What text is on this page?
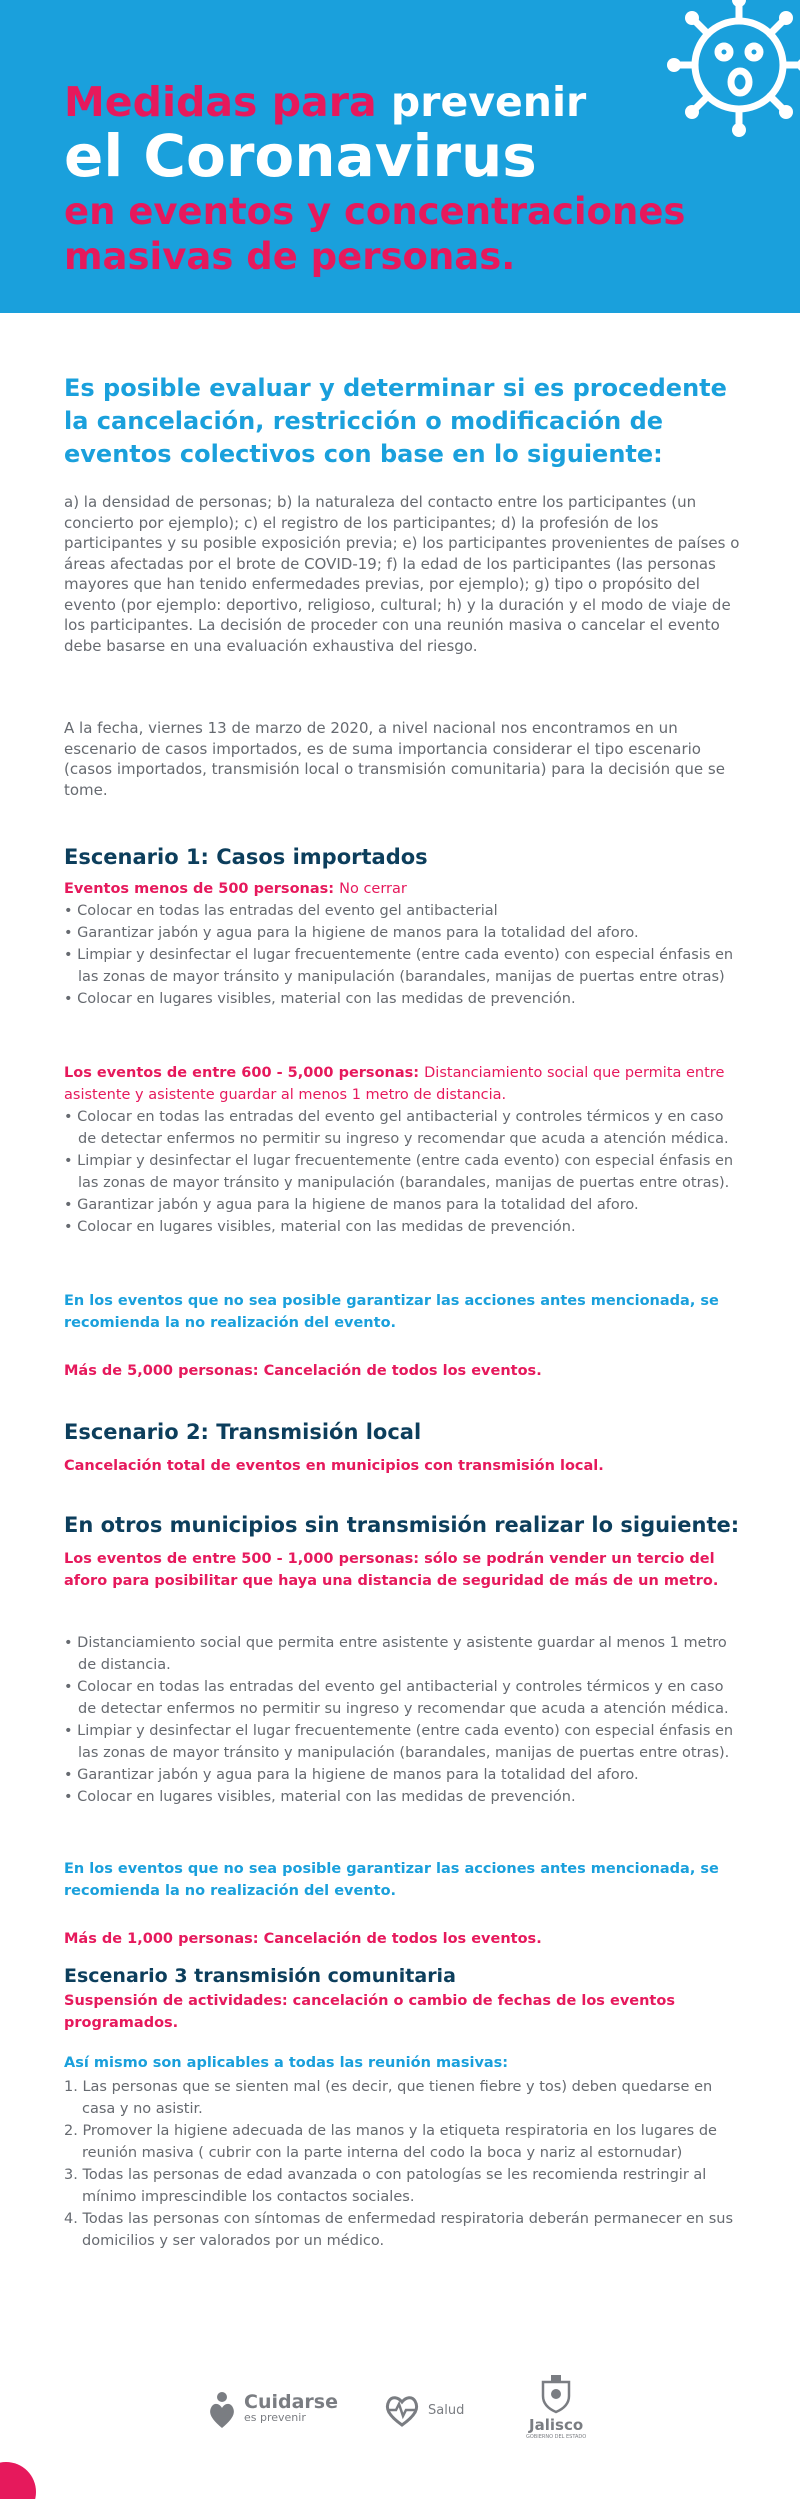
Medidas para prevenir
el Coronavirus
en eventos y concentraciones
masivas de personas.
Es posible evaluar y determinar si es procedente la cancelación, restricción o modificación de eventos colectivos con base en lo siguiente:

a) la densidad de personas; b) la naturaleza del contacto entre los participantes (un concierto por ejemplo); c) el registro de los participantes; d) la profesión de los participantes y su posible exposición previa; e) los participantes provenientes de países o áreas afectadas por el brote de COVID-19; f) la edad de los participantes (las personas mayores que han tenido enfermedades previas, por ejemplo); g) tipo o propósito del evento (por ejemplo: deportivo, religioso, cultural; h) y la duración y el modo de viaje de los participantes. La decisión de proceder con una reunión masiva o cancelar el evento debe basarse en una evaluación exhaustiva del riesgo.

A la fecha, viernes 13 de marzo de 2020, a nivel nacional nos encontramos en un escenario de casos importados, es de suma importancia considerar el tipo escenario (casos importados, transmisión local o transmisión comunitaria) para la decisión que se tome.

Escenario 1: Casos importados
Eventos menos de 500 personas: No cerrar
• Colocar en todas las entradas del evento gel antibacterial
• Garantizar jabón y agua para la higiene de manos para la totalidad del aforo.
• Limpiar y desinfectar el lugar frecuentemente (entre cada evento) con especial énfasis en las zonas de mayor tránsito y manipulación (barandales, manijas de puertas entre otras)
• Colocar en lugares visibles, material con las medidas de prevención.
Los eventos de entre 600 - 5,000 personas: Distanciamiento social que permita entre asistente y asistente guardar al menos 1 metro de distancia.
• Colocar en todas las entradas del evento gel antibacterial y controles térmicos y en caso de detectar enfermos no permitir su ingreso y recomendar que acuda a atención médica.
• Limpiar y desinfectar el lugar frecuentemente (entre cada evento) con especial énfasis en las zonas de mayor tránsito y manipulación (barandales, manijas de puertas entre otras).
• Garantizar jabón y agua para la higiene de manos para la totalidad del aforo.
• Colocar en lugares visibles, material con las medidas de prevención.
En los eventos que no sea posible garantizar las acciones antes mencionada, se recomienda la no realización del evento.
Más de 5,000 personas: Cancelación de todos los eventos.
Escenario 2: Transmisión local
Cancelación total de eventos en municipios con transmisión local.
En otros municipios sin transmisión realizar lo siguiente:
Los eventos de entre 500 - 1,000 personas: sólo se podrán vender un tercio del aforo para posibilitar que haya una distancia de seguridad de más de un metro.
• Distanciamiento social que permita entre asistente y asistente guardar al menos 1 metro de distancia.
• Colocar en todas las entradas del evento gel antibacterial y controles térmicos y en caso de detectar enfermos no permitir su ingreso y recomendar que acuda a atención médica.
• Limpiar y desinfectar el lugar frecuentemente (entre cada evento) con especial énfasis en las zonas de mayor tránsito y manipulación (barandales, manijas de puertas entre otras).
• Garantizar jabón y agua para la higiene de manos para la totalidad del aforo.
• Colocar en lugares visibles, material con las medidas de prevención.
En los eventos que no sea posible garantizar las acciones antes mencionada, se recomienda la no realización del evento.
Más de 1,000 personas: Cancelación de todos los eventos.
Escenario 3 transmisión comunitaria
Suspensión de actividades: cancelación o cambio de fechas de los eventos programados.
Así mismo son aplicables a todas las reunión masivas:
1. Las personas que se sienten mal (es decir, que tienen fiebre y tos) deben quedarse en casa y no asistir.
2. Promover la higiene adecuada de las manos y la etiqueta respiratoria en los lugares de reunión masiva ( cubrir con la parte interna del codo la boca y nariz al estornudar)
3. Todas las personas de edad avanzada o con patologías se les recomienda restringir al mínimo imprescindible los contactos sociales.
4. Todas las personas con síntomas de enfermedad respiratoria deberán permanecer en sus domicilios y ser valorados por un médico.
Cuidarse
es prevenir	Salud
Jalisco
GOBIERNO DEL ESTADO
